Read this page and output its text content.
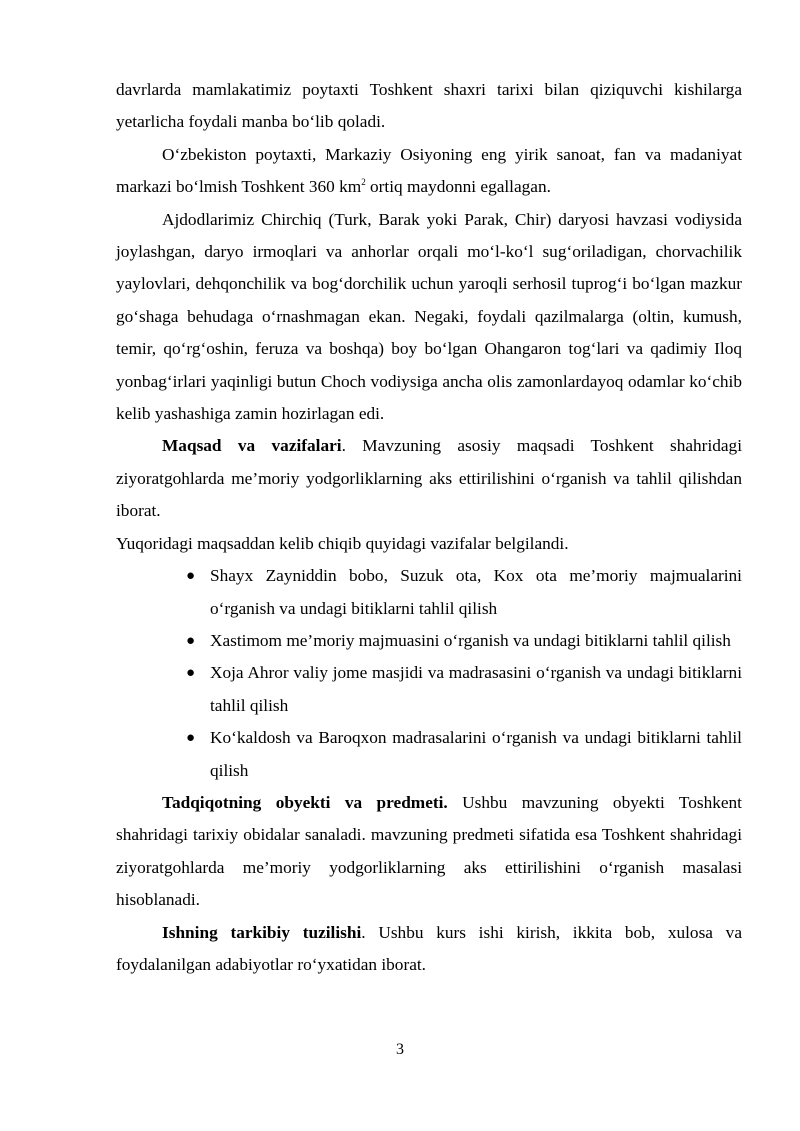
davrlarda mamlakatimiz poytaxti Toshkent shaxri tarixi bilan qiziquvchi kishilarga yetarlicha foydali manba bo‘lib qoladi.

O‘zbekiston poytaxti, Markaziy Osiyoning eng yirik sanoat, fan va madaniyat markazi bo‘lmish Toshkent 360 $km^2$ ortiq maydonni egallagan.

Ajdodlarimiz Chirchiq (Turk, Barak yoki Parak, Chir) daryosi havzasi vodiysida joylashgan, daryo irmoqlari va anhorlar orqali mo‘l-ko‘l sug‘oriladigan, chorvachilik yaylovlari, dehqonchilik va bog‘dorchilik uchun yaroqli serhosil tuprog‘i bo‘lgan mazkur go‘shaga behudaga o‘rnashmagan ekan. Negaki, foydali qazilmalarga (oltin, kumush, temir, qo‘rg‘oshin, feruza va boshqa) boy bo‘lgan Ohangaron tog‘lari va qadimiy Iloq yonbag‘irlari yaqinligi butun Choch vodiysiga ancha olis zamonlardayoq odamlar ko‘chib kelib yashashiga zamin hozirlagan edi.

Maqsad va vazifalari. Mavzuning asosiy maqsadi Toshkent shahridagi ziyoratgohlarda me’moriy yodgorliklarning aks ettirilishini o‘rganish va tahlil qilishdan iborat.

Yuqoridagi maqsaddan kelib chiqib quyidagi vazifalar belgilandi.

● Shayx Zayniddin bobo, Suzuk ota, Kox ota me’moriy majmualarini o‘rganish va undagi bitiklarni tahlil qilish
● Xastimom me’moriy majmuasini o‘rganish va undagi bitiklarni tahlil qilish
● Xoja Ahror valiy jome masjidi va madrasasini o‘rganish va undagi bitiklarni tahlil qilish
● Ko‘kaldosh va Baroqxon madrasalarini o‘rganish va undagi bitiklarni tahlil qilish

Tadqiqotning obyekti va predmeti. Ushbu mavzuning obyekti Toshkent shahridagi tarixiy obidalar sanaladi. mavzuning predmeti sifatida esa Toshkent shahridagi ziyoratgohlarda me’moriy yodgorliklarning aks ettirilishini o‘rganish masalasi hisoblanadi.

Ishning tarkibiy tuzilishi. Ushbu kurs ishi kirish, ikkita bob, xulosa va foydalanilgan adabiyotlar ro‘yxatidan iborat.

3
